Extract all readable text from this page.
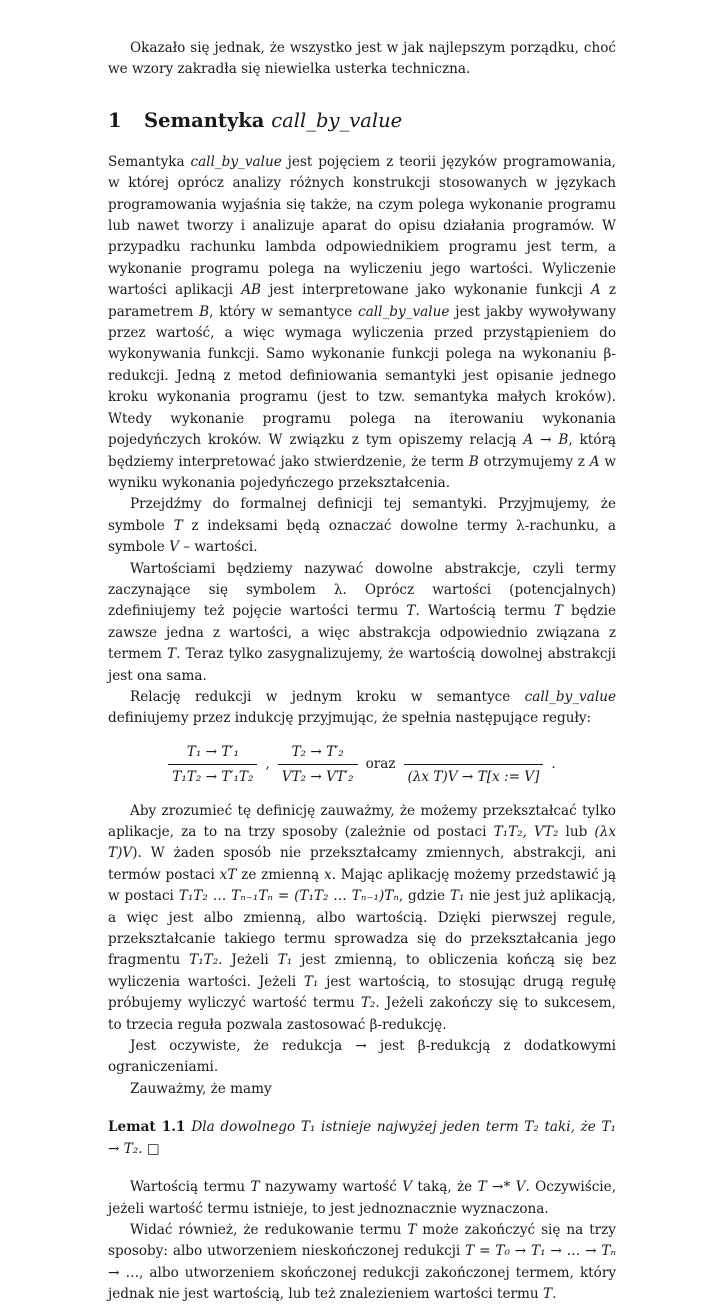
Okazało się jednak, że wszystko jest w jak najlepszym porządku, choć we wzory zakradła się niewielka usterka techniczna.

1 Semantyka call_by_value

Semantyka call_by_value jest pojęciem z teorii języków programowania, w której oprócz analizy różnych konstrukcji stosowanych w językach programowania wyjaśnia się także, na czym polega wykonanie programu lub nawet tworzy i analizuje aparat do opisu działania programów. W przypadku rachunku lambda odpowiednikiem programu jest term, a wykonanie programu polega na wyliczeniu jego wartości. Wyliczenie wartości aplikacji AB jest interpretowane jako wykonanie funkcji A z parametrem B, który w semantyce call_by_value jest jakby wywoływany przez wartość, a więc wymaga wyliczenia przed przystąpieniem do wykonywania funkcji. Samo wykonanie funkcji polega na wykonaniu β-redukcji. Jedną z metod definiowania semantyki jest opisanie jednego kroku wykonania programu (jest to tzw. semantyka małych kroków). Wtedy wykonanie programu polega na iterowaniu wykonania pojedyńczych kroków. W związku z tym opiszemy relacją A → B, którą będziemy interpretować jako stwierdzenie, że term B otrzymujemy z A w wyniku wykonania pojedyńczego przekształcenia.

Przejdźmy do formalnej definicji tej semantyki. Przyjmujemy, że symbole T z indeksami będą oznaczać dowolne termy λ-rachunku, a symbole V – wartości.

Wartościami będziemy nazywać dowolne abstrakcje, czyli termy zaczynające się symbolem λ. Oprócz wartości (potencjalnych) zdefiniujemy też pojęcie wartości termu T. Wartością termu T będzie zawsze jedna z wartości, a więc abstrakcja odpowiednio związana z termem T. Teraz tylko zasygnalizujemy, że wartością dowolnej abstrakcji jest ona sama.

Relację redukcji w jednym kroku w semantyce call_by_value definiujemy przez indukcję przyjmując, że spełnia następujące reguły:

$\frac{\text{T₁ → T′₁}}{\text{T₁T₂ → T′₁T₂}}$ , $\frac{\text{T₂ → T′₂}}{\text{VT₂ → VT′₂}}$ oraz
(λx T)V → T[x := V]
.

Aby zrozumieć tę definicję zauważmy, że możemy przekształcać tylko aplikacje, za to na trzy sposoby (zależnie od postaci T₁T₂, VT₂ lub (λx T)V). W żaden sposób nie przekształcamy zmiennych, abstrakcji, ani termów postaci xT ze zmienną x. Mając aplikację możemy przedstawić ją w postaci T₁T₂ … Tₙ₋₁Tₙ = (T₁T₂ … Tₙ₋₁)Tₙ, gdzie T₁ nie jest już aplikacją, a więc jest albo zmienną, albo wartością. Dzięki pierwszej regule, przekształcanie takiego termu sprowadza się do przekształcania jego fragmentu T₁T₂. Jeżeli T₁ jest zmienną, to obliczenia kończą się bez wyliczenia wartości. Jeżeli T₁ jest wartością, to stosując drugą regułę próbujemy wyliczyć wartość termu T₂. Jeżeli zakończy się to sukcesem, to trzecia reguła pozwala zastosować β-redukcję.

Jest oczywiste, że redukcja → jest β-redukcją z dodatkowymi ograniczeniami.

Zauważmy, że mamy

Lemat 1.1 Dla dowolnego T₁ istnieje najwyżej jeden term T₂ taki, że T₁ → T₂. □

Wartością termu T nazywamy wartość V taką, że T →* V. Oczywiście, jeżeli wartość termu istnieje, to jest jednoznacznie wyznaczona.

Widać również, że redukowanie termu T może zakończyć się na trzy sposoby: albo utworzeniem nieskończonej redukcji T = T₀ → T₁ → … → Tₙ → …, albo utworzeniem skończonej redukcji zakończonej termem, który jednak nie jest wartością, lub też znalezieniem wartości termu T.
